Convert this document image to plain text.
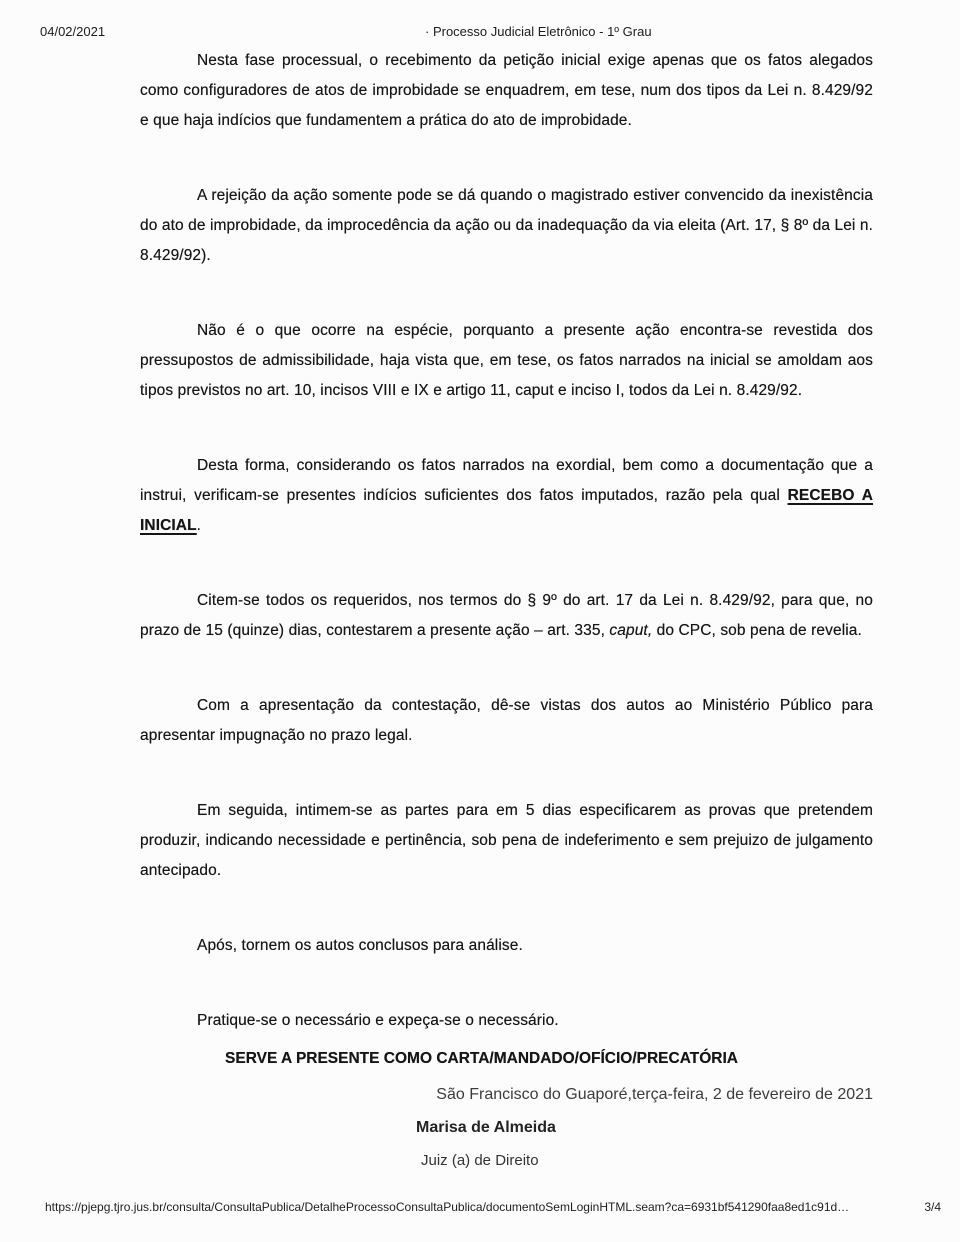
04/02/2021	· Processo Judicial Eletrônico - 1º Grau

Nesta fase processual, o recebimento da petição inicial exige apenas que os fatos alegados como configuradores de atos de improbidade se enquadrem, em tese, num dos tipos da Lei n. 8.429/92 e que haja indícios que fundamentem a prática do ato de improbidade.

A rejeição da ação somente pode se dá quando o magistrado estiver convencido da inexistência do ato de improbidade, da improcedência da ação ou da inadequação da via eleita (Art. 17, § 8º da Lei n. 8.429/92).

Não é o que ocorre na espécie, porquanto a presente ação encontra-se revestida dos pressupostos de admissibilidade, haja vista que, em tese, os fatos narrados na inicial se amoldam aos tipos previstos no art. 10, incisos VIII e IX e artigo 11, caput e inciso I, todos da Lei n. 8.429/92.

Desta forma, considerando os fatos narrados na exordial, bem como a documentação que a instrui, verificam-se presentes indícios suficientes dos fatos imputados, razão pela qual RECEBO A INICIAL.

Citem-se todos os requeridos, nos termos do § 9º do art. 17 da Lei n. 8.429/92, para que, no prazo de 15 (quinze) dias, contestarem a presente ação – art. 335, caput, do CPC, sob pena de revelia.

Com a apresentação da contestação, dê-se vistas dos autos ao Ministério Público para apresentar impugnação no prazo legal.

Em seguida, intimem-se as partes para em 5 dias especificarem as provas que pretendem produzir, indicando necessidade e pertinência, sob pena de indeferimento e sem prejuizo de julgamento antecipado.

Após, tornem os autos conclusos para análise.

Pratique-se o necessário e expeça-se o necessário.

SERVE A PRESENTE COMO CARTA/MANDADO/OFÍCIO/PRECATÓRIA

São Francisco do Guaporé,terça-feira, 2 de fevereiro de 2021

Marisa de Almeida

Juiz (a) de Direito

https://pjepg.tjro.jus.br/consulta/ConsultaPublica/DetalheProcessoConsultaPublica/documentoSemLoginHTML.seam?ca=6931bf541290faa8ed1c91d…	3/4
